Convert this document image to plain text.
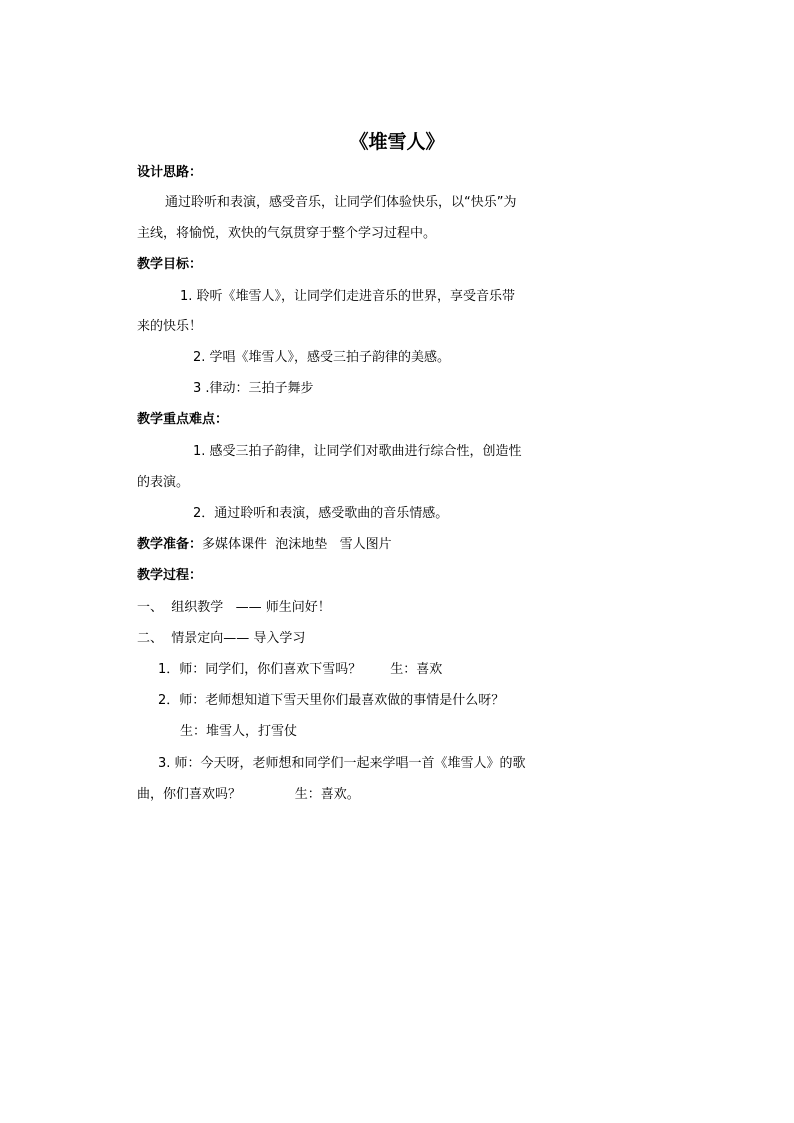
《堆雪人》
设计思路：
通过聆听和表演，感受音乐，让同学们体验快乐，以“快乐”为
主线，将愉悦，欢快的气氛贯穿于整个学习过程中。
教学目标：
1. 聆听《堆雪人》，让同学们走进音乐的世界，享受音乐带
来的快乐！
2. 学唱《堆雪人》，感受三拍子韵律的美感。
3 .律动：三拍子舞步
教学重点难点：
1. 感受三拍子韵律，让同学们对歌曲进行综合性，创造性
的表演。
2．通过聆听和表演，感受歌曲的音乐情感。
教学准备：多媒体课件  泡沫地垫   雪人图片
教学过程：
一、  组织教学   —— 师生问好！
二、  情景定向—— 导入学习
1．师：同学们，你们喜欢下雪吗？       生：喜欢
2．师：老师想知道下雪天里你们最喜欢做的事情是什么呀？
生：堆雪人，打雪仗
3. 师：今天呀，老师想和同学们一起来学唱一首《堆雪人》的歌
曲，你们喜欢吗？             生：喜欢。
